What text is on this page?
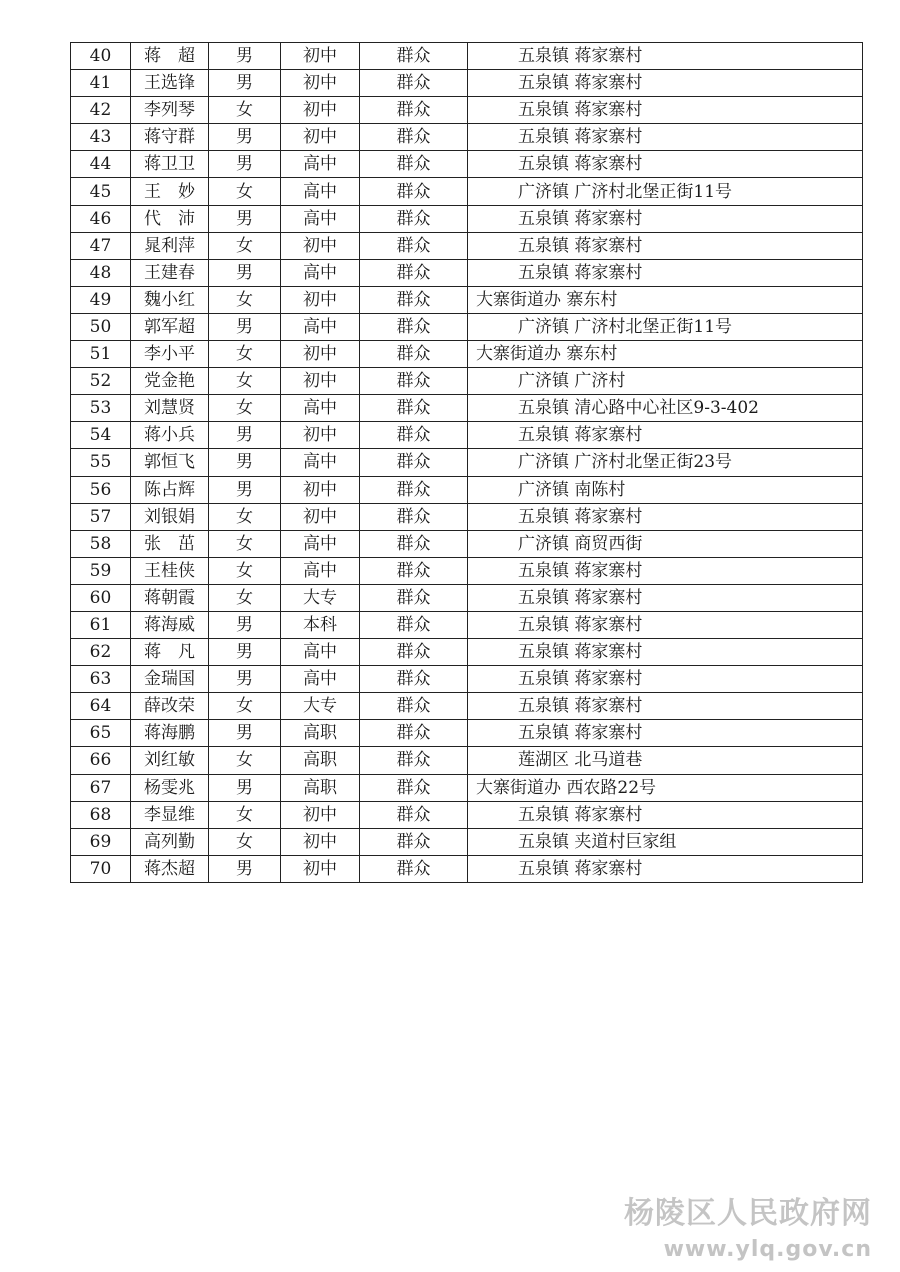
40	蒋　超	男	初中	群众	五泉镇 蒋家寨村
41	王选锋	男	初中	群众	五泉镇 蒋家寨村
42	李列琴	女	初中	群众	五泉镇 蒋家寨村
43	蒋守群	男	初中	群众	五泉镇 蒋家寨村
44	蒋卫卫	男	高中	群众	五泉镇 蒋家寨村
45	王　妙	女	高中	群众	广济镇 广济村北堡正街11号
46	代　沛	男	高中	群众	五泉镇 蒋家寨村
47	晁利萍	女	初中	群众	五泉镇 蒋家寨村
48	王建春	男	高中	群众	五泉镇 蒋家寨村
49	魏小红	女	初中	群众	大寨街道办 寨东村
50	郭军超	男	高中	群众	广济镇 广济村北堡正街11号
51	李小平	女	初中	群众	大寨街道办 寨东村
52	党金艳	女	初中	群众	广济镇 广济村
53	刘慧贤	女	高中	群众	五泉镇 清心路中心社区9-3-402
54	蒋小兵	男	初中	群众	五泉镇 蒋家寨村
55	郭恒飞	男	高中	群众	广济镇 广济村北堡正街23号
56	陈占辉	男	初中	群众	广济镇 南陈村
57	刘银娟	女	初中	群众	五泉镇 蒋家寨村
58	张　茁	女	高中	群众	广济镇 商贸西街
59	王桂侠	女	高中	群众	五泉镇 蒋家寨村
60	蒋朝霞	女	大专	群众	五泉镇 蒋家寨村
61	蒋海威	男	本科	群众	五泉镇 蒋家寨村
62	蒋　凡	男	高中	群众	五泉镇 蒋家寨村
63	金瑞国	男	高中	群众	五泉镇 蒋家寨村
64	薛改荣	女	大专	群众	五泉镇 蒋家寨村
65	蒋海鹏	男	高职	群众	五泉镇 蒋家寨村
66	刘红敏	女	高职	群众	莲湖区 北马道巷
67	杨雯兆	男	高职	群众	大寨街道办 西农路22号
68	李显维	女	初中	群众	五泉镇 蒋家寨村
69	高列勤	女	初中	群众	五泉镇 夹道村巨家组
70	蒋杰超	男	初中	群众	五泉镇 蒋家寨村
杨陵区人民政府网
www.ylq.gov.cn
